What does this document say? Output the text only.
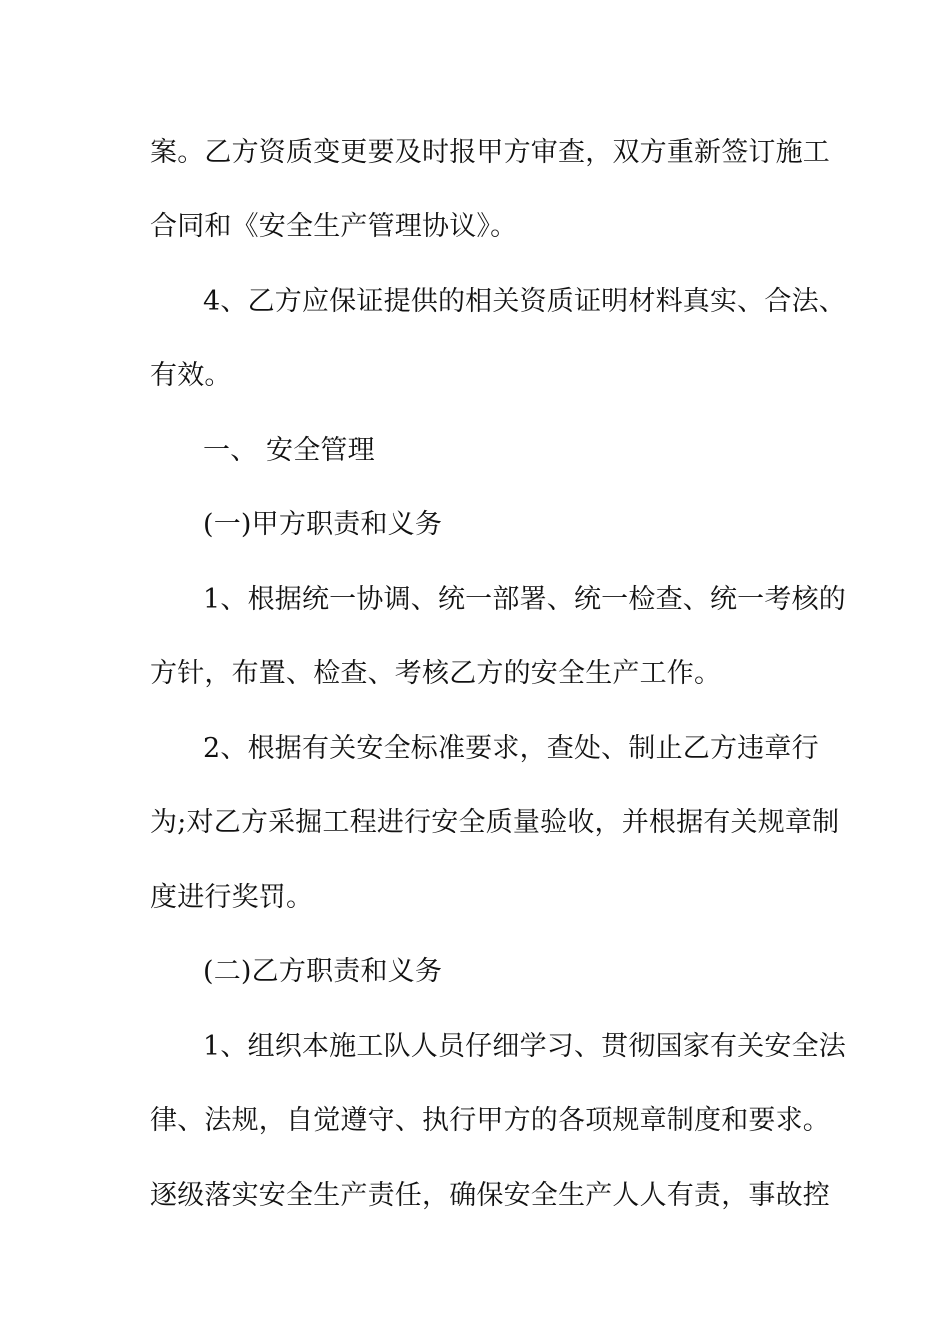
案。乙方资质变更要及时报甲方审查，双方重新签订施工
合同和《安全生产管理协议》。
4、乙方应保证提供的相关资质证明材料真实、合法、
有效。
一、 安全管理
(一)甲方职责和义务
1、根据统一协调、统一部署、统一检查、统一考核的
方针，布置、检查、考核乙方的安全生产工作。
2、根据有关安全标准要求，查处、制止乙方违章行
为;对乙方采掘工程进行安全质量验收，并根据有关规章制
度进行奖罚。
(二)乙方职责和义务
1、组织本施工队人员仔细学习、贯彻国家有关安全法
律、法规，自觉遵守、执行甲方的各项规章制度和要求。
逐级落实安全生产责任，确保安全生产人人有责，事故控
